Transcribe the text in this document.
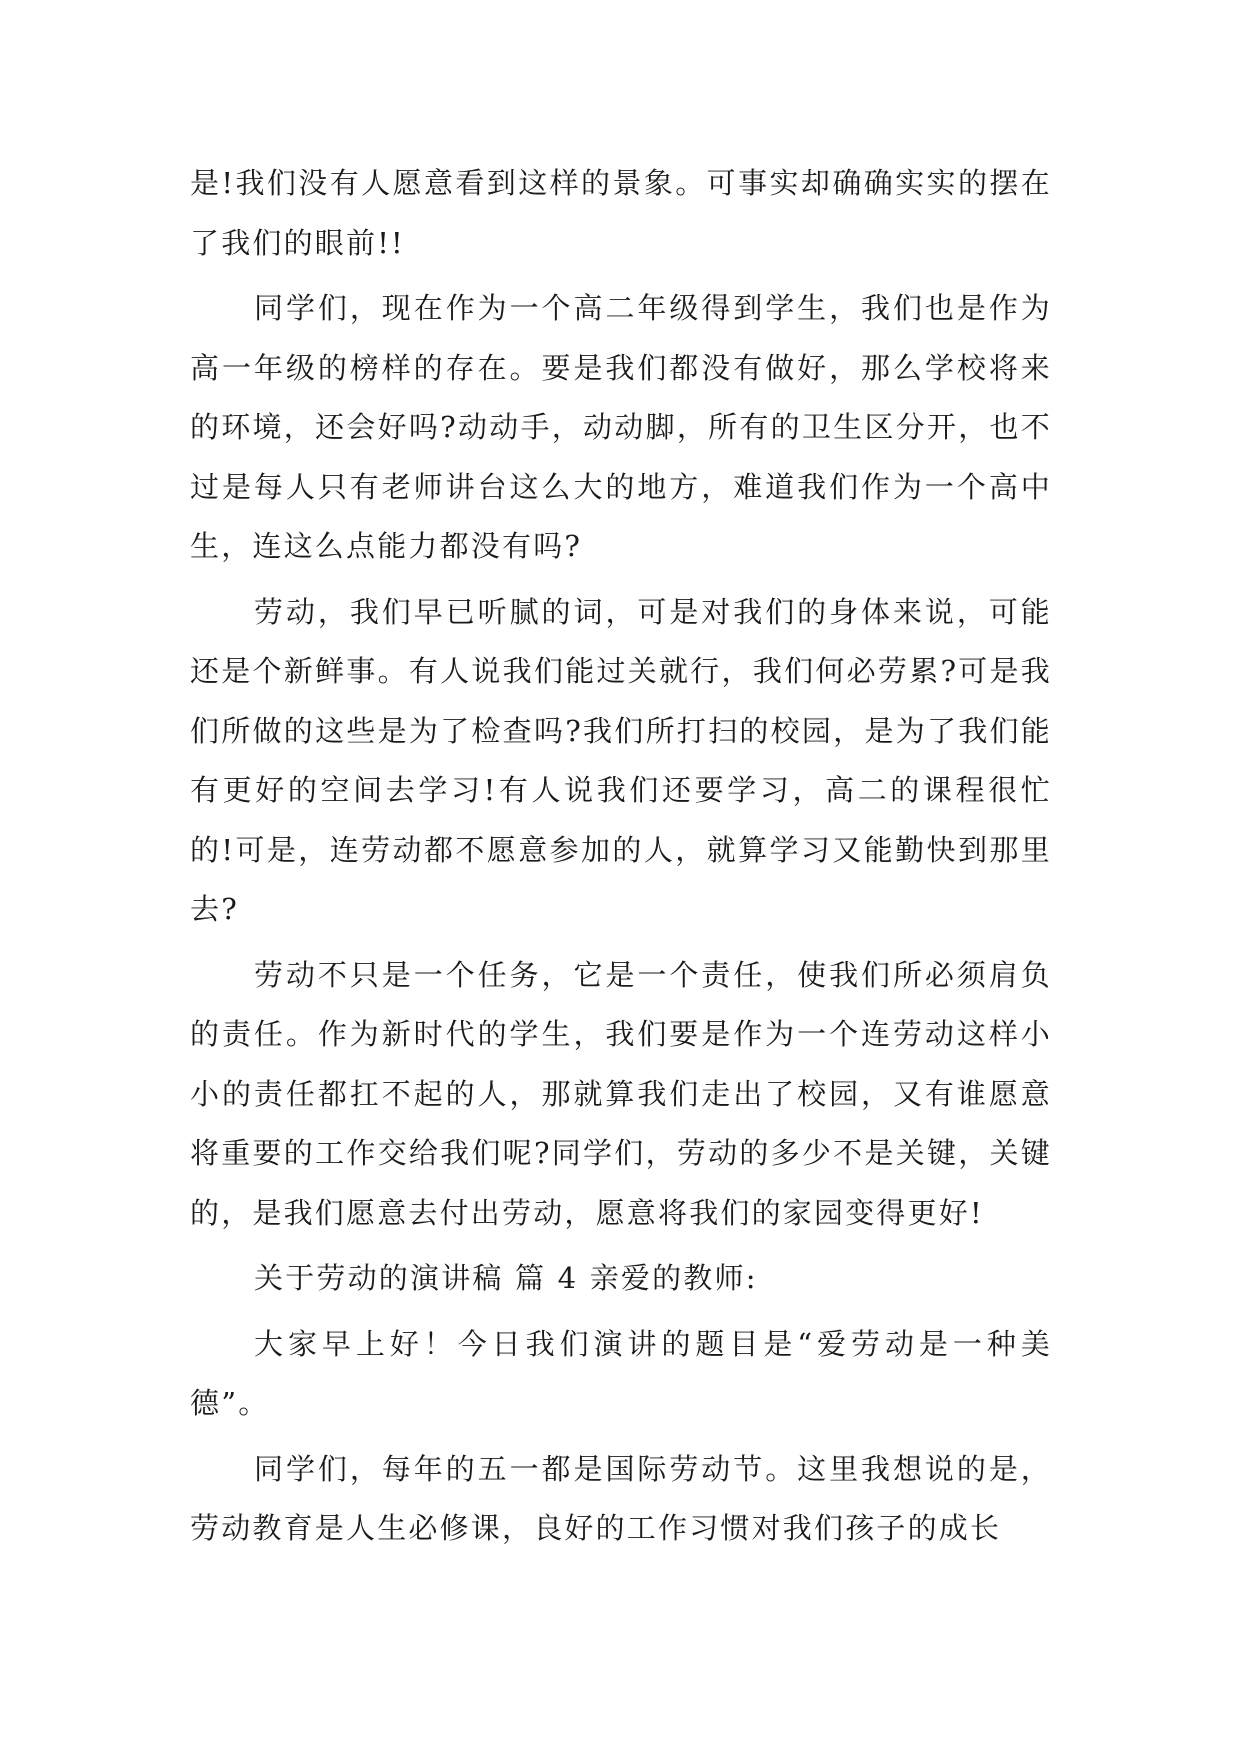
是!我们没有人愿意看到这样的景象。可事实却确确实实的摆在了我们的眼前!!

同学们，现在作为一个高二年级得到学生，我们也是作为高一年级的榜样的存在。要是我们都没有做好，那么学校将来的环境，还会好吗?动动手，动动脚，所有的卫生区分开，也不过是每人只有老师讲台这么大的地方，难道我们作为一个高中生，连这么点能力都没有吗?

劳动，我们早已听腻的词，可是对我们的身体来说，可能还是个新鲜事。有人说我们能过关就行，我们何必劳累?可是我们所做的这些是为了检查吗?我们所打扫的校园，是为了我们能有更好的空间去学习!有人说我们还要学习，高二的课程很忙的!可是，连劳动都不愿意参加的人，就算学习又能勤快到那里去?

劳动不只是一个任务，它是一个责任，使我们所必须肩负的责任。作为新时代的学生，我们要是作为一个连劳动这样小小的责任都扛不起的人，那就算我们走出了校园，又有谁愿意将重要的工作交给我们呢?同学们，劳动的多少不是关键，关键的，是我们愿意去付出劳动，愿意将我们的家园变得更好!

关于劳动的演讲稿 篇 4 亲爱的教师:

大家早上好！今日我们演讲的题目是“爱劳动是一种美德”。

同学们，每年的五一都是国际劳动节。这里我想说的是，劳动教育是人生必修课，良好的工作习惯对我们孩子的成长
